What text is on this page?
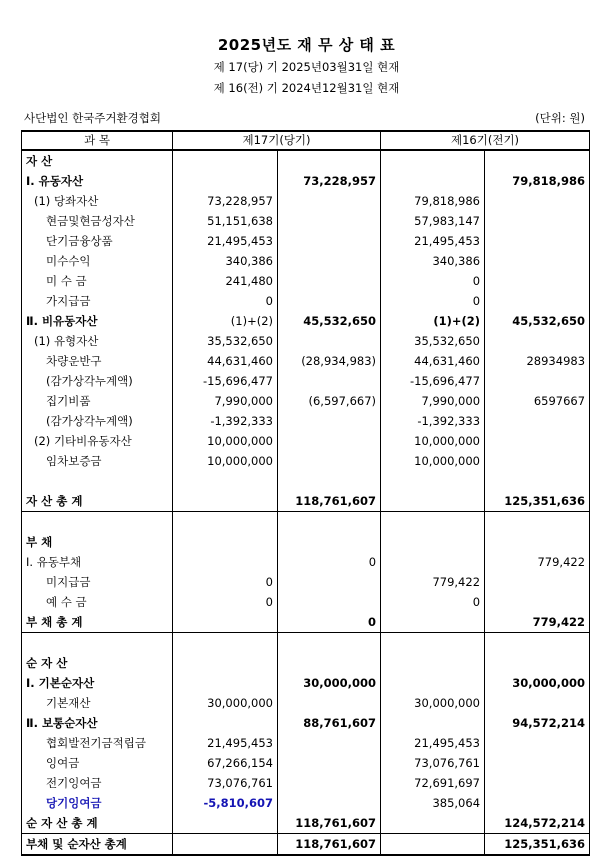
2025년도 재 무 상 태 표
제 17(당) 기 2025년03월31일 현재
제 16(전) 기 2024년12월31일 현재
사단법인 한국주거환경협회	(단위: 원)
과 목	제17기(당기)		제16기(전기)	
자 산				
Ⅰ. 유동자산		73,228,957		79,818,986
(1) 당좌자산	73,228,957		79,818,986	
현금및현금성자산	51,151,638		57,983,147	
단기금융상품	21,495,453		21,495,453	
미수수익	340,386		340,386	
미 수 금	241,480		0	
가지급금	0		0	
Ⅱ. 비유동자산	(1)+(2)	45,532,650	(1)+(2)	45,532,650
(1) 유형자산	35,532,650		35,532,650	
차량운반구	44,631,460	(28,934,983)	44,631,460	28934983
(감가상각누계액)	-15,696,477		-15,696,477	
집기비품	7,990,000	(6,597,667)	7,990,000	6597667
(감가상각누계액)	-1,392,333		-1,392,333	
(2) 기타비유동자산	10,000,000		10,000,000	
임차보증금	10,000,000		10,000,000	

자 산 총 계		118,761,607		125,351,636

부 채				
Ⅰ. 유동부채		0		779,422
미지급금	0		779,422	
예 수 금	0		0	
부 채 총 계		0		779,422

순 자 산				
Ⅰ. 기본순자산		30,000,000		30,000,000
기본재산	30,000,000		30,000,000	
Ⅱ. 보통순자산		88,761,607		94,572,214
협회발전기금적립금	21,495,453		21,495,453	
잉여금	67,266,154		73,076,761	
전기잉여금	73,076,761		72,691,697	
당기잉여금	-5,810,607		385,064	
순 자 산 총 계		118,761,607		124,572,214
부채 및 순자산 총계		118,761,607		125,351,636
